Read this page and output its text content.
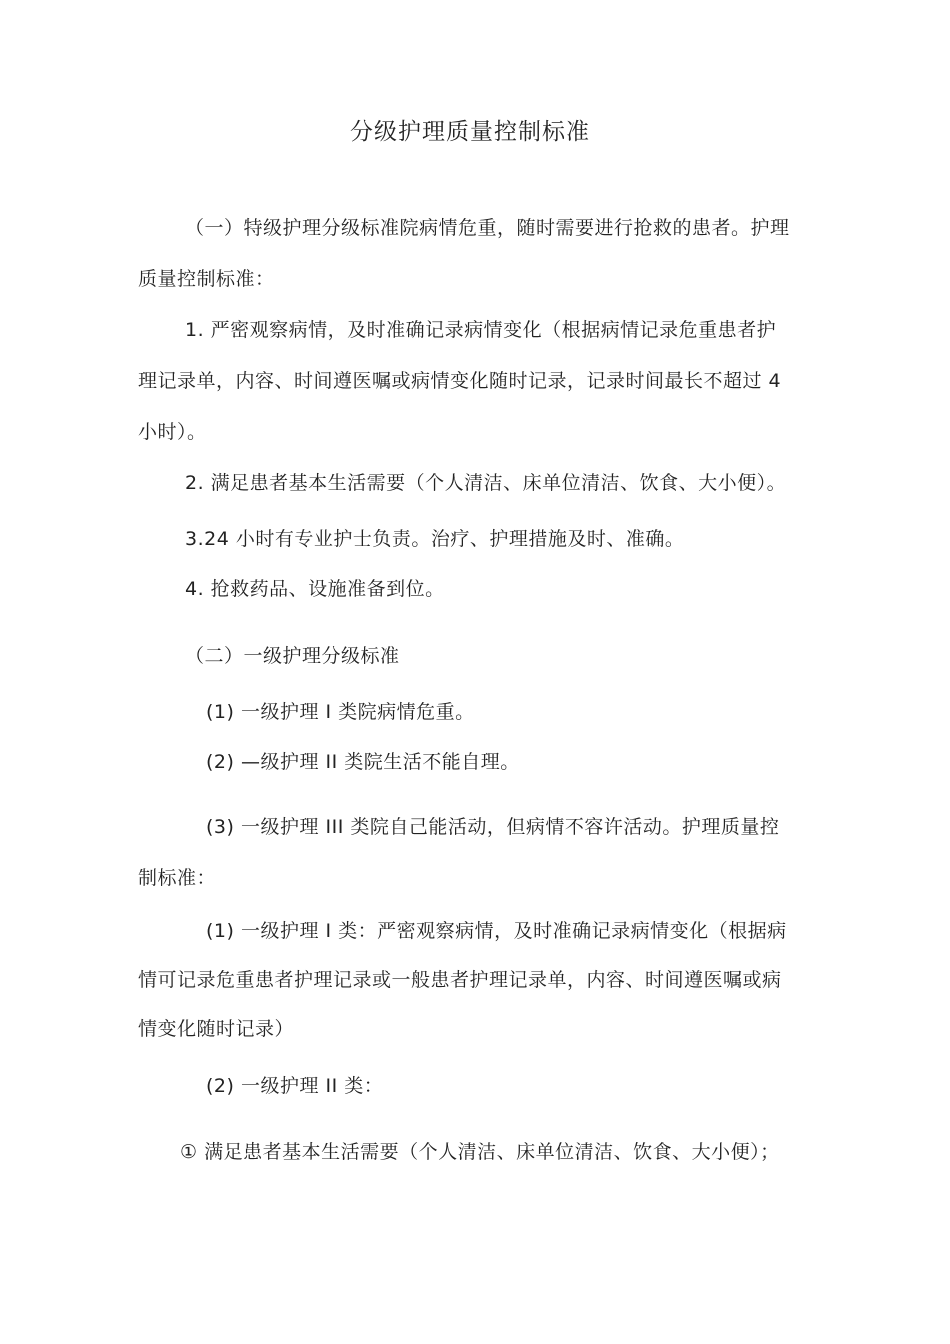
分级护理质量控制标准
（一）特级护理分级标准院病情危重，随时需要进行抢救的患者。护理
质量控制标准：
1. 严密观察病情，及时准确记录病情变化（根据病情记录危重患者护
理记录单，内容、时间遵医嘱或病情变化随时记录，记录时间最长不超过 4
小时）。
2. 满足患者基本生活需要（个人清洁、床单位清洁、饮食、大小便）。
3.24 小时有专业护士负责。治疗、护理措施及时、准确。
4. 抢救药品、设施准备到位。
（二）一级护理分级标准
(1) 一级护理 I 类院病情危重。
(2) —级护理 II 类院生活不能自理。
(3) 一级护理 III 类院自己能活动，但病情不容许活动。护理质量控
制标准：
(1) 一级护理 I 类：严密观察病情，及时准确记录病情变化（根据病
情可记录危重患者护理记录或一般患者护理记录单，内容、时间遵医嘱或病
情变化随时记录）
(2) 一级护理 II 类：
① 满足患者基本生活需要（个人清洁、床单位清洁、饮食、大小便）；
